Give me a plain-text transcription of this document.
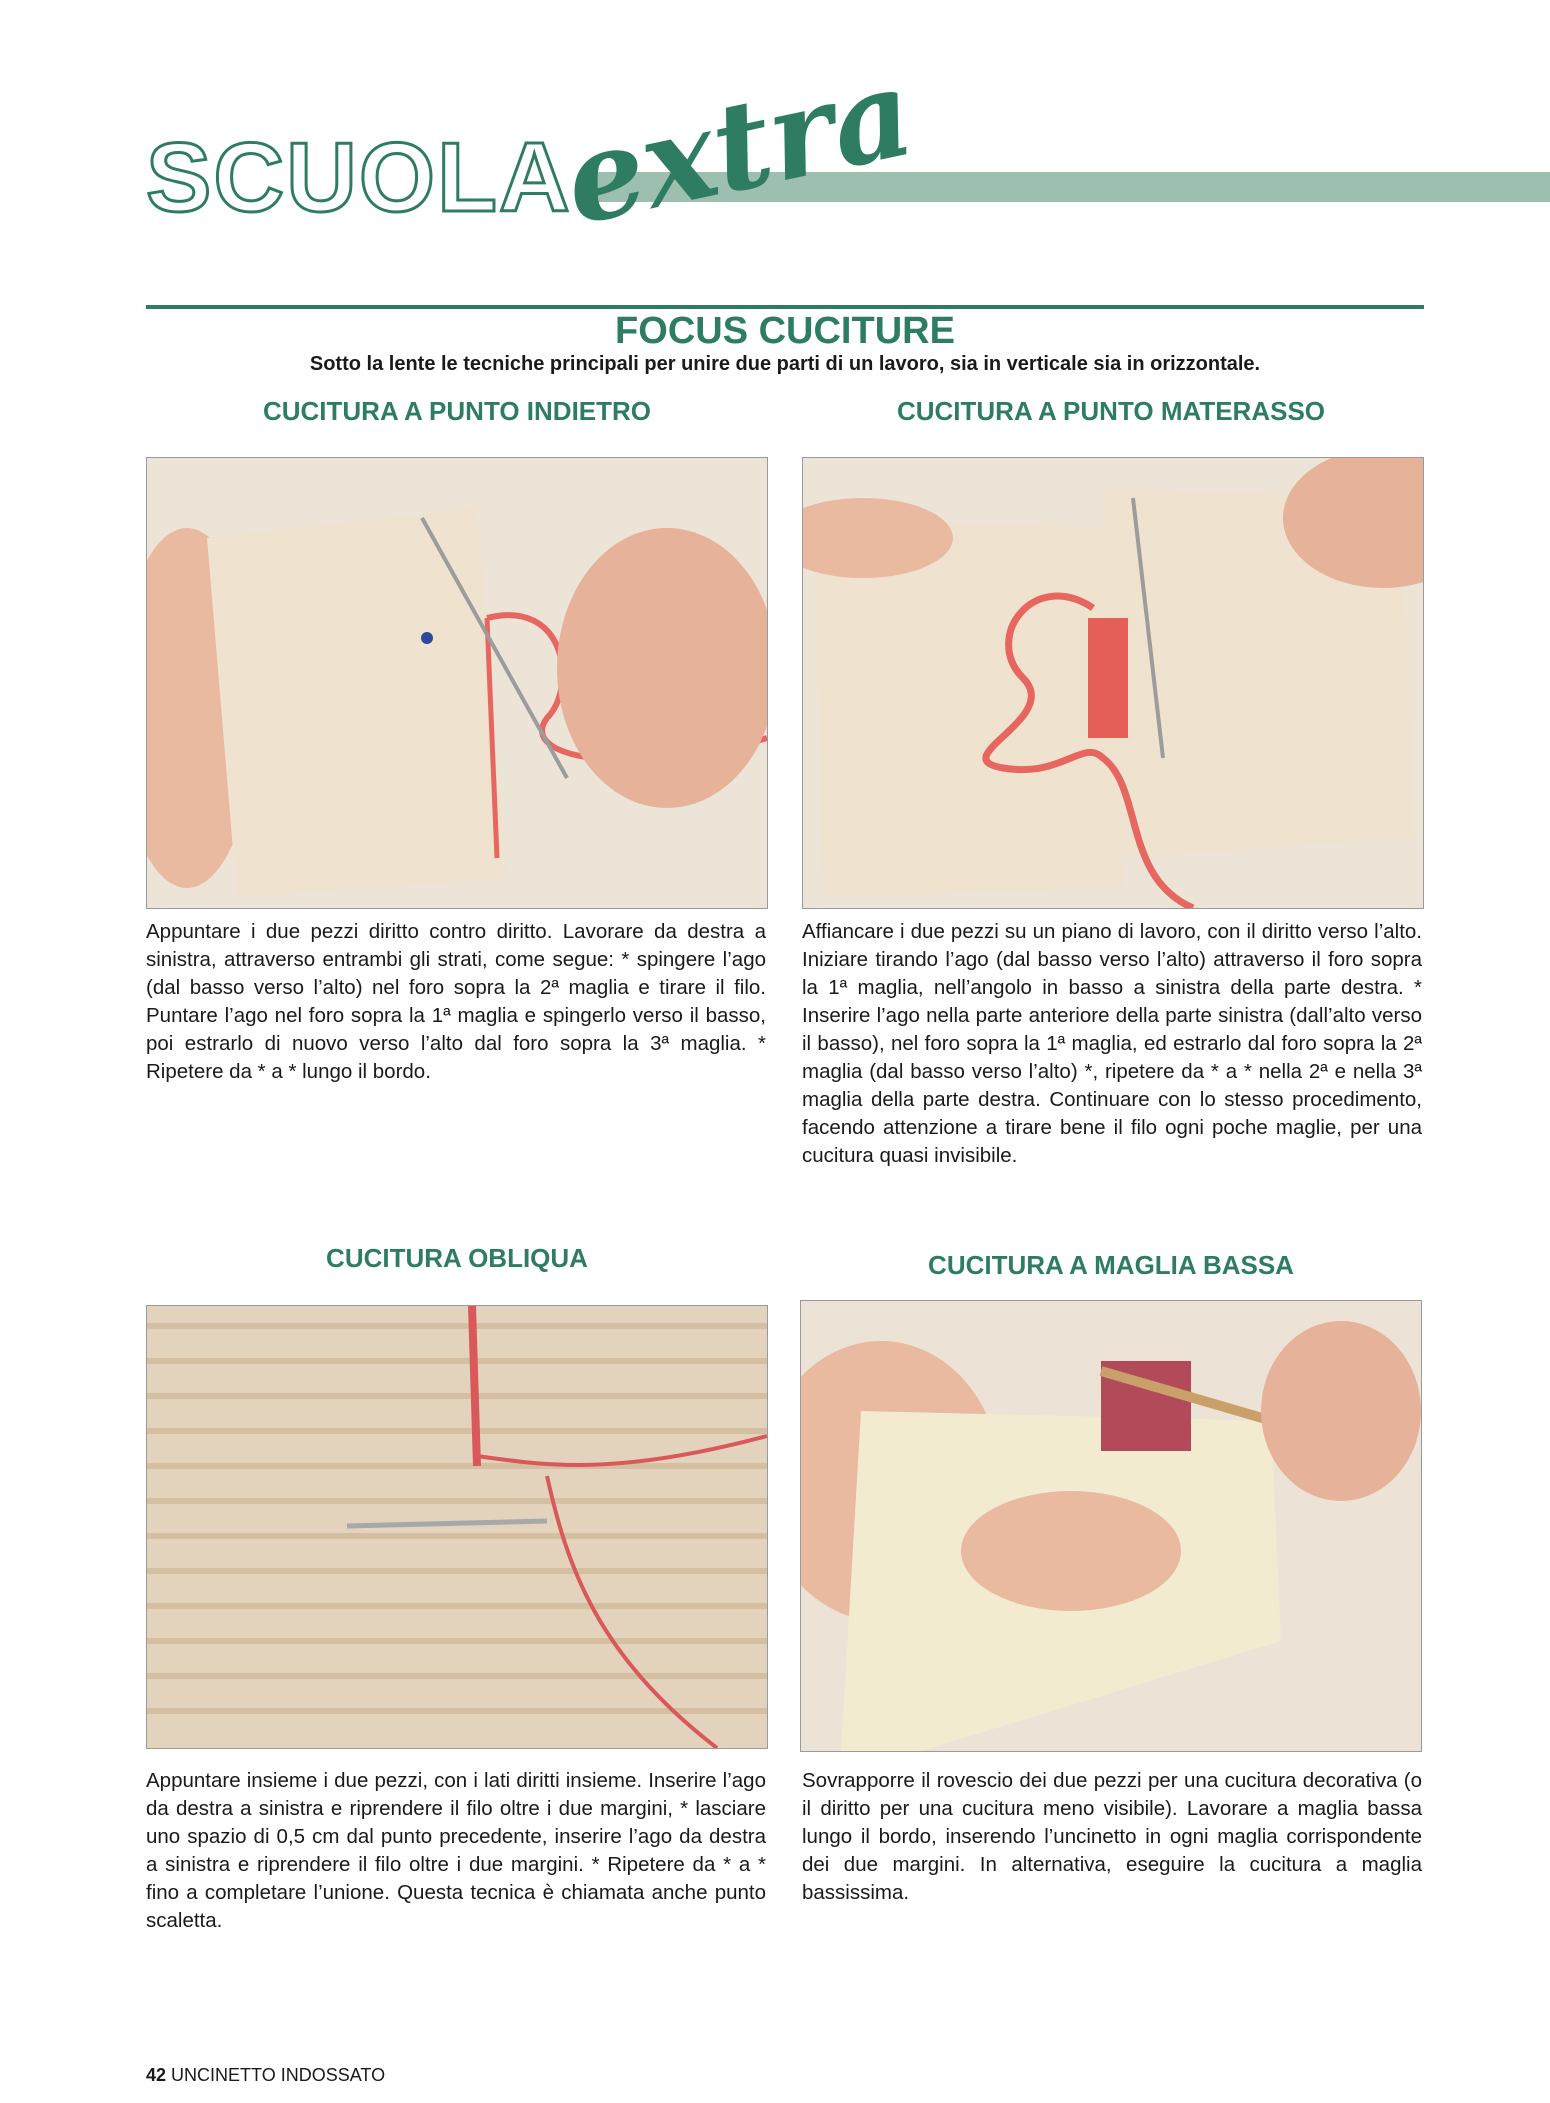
SCUOLA
extra
FOCUS CUCITURE
Sotto la lente le tecniche principali per unire due parti di un lavoro, sia in verticale sia in orizzontale.
CUCITURA A PUNTO INDIETRO

Appuntare i due pezzi diritto contro diritto. Lavorare da destra a sinistra, attraverso entrambi gli strati, come segue: * spingere l’ago (dal basso verso l’alto) nel foro sopra la 2ª maglia e tirare il filo. Puntare l’ago nel foro sopra la 1ª maglia e spingerlo verso il basso, poi estrarlo di nuovo verso l’alto dal foro sopra la 3ª maglia. * Ripetere da * a * lungo il bordo.

CUCITURA A PUNTO MATERASSO

Affiancare i due pezzi su un piano di lavoro, con il diritto verso l’alto. Iniziare tirando l’ago (dal basso verso l’alto) attraverso il foro sopra la 1ª maglia, nell’angolo in basso a sinistra della parte destra. * Inserire l’ago nella parte anteriore della parte sinistra (dall’alto verso il basso), nel foro sopra la 1ª maglia, ed estrarlo dal foro sopra la 2ª maglia (dal basso verso l’alto) *, ripetere da * a * nella 2ª e nella 3ª maglia della parte destra. Continuare con lo stesso procedimento, facendo attenzione a tirare bene il filo ogni poche maglie, per una cucitura quasi invisibile.

CUCITURA OBLIQUA

Appuntare insieme i due pezzi, con i lati diritti insieme. Inserire l’ago da destra a sinistra e riprendere il filo oltre i due margini, * lasciare uno spazio di 0,5 cm dal punto precedente, inserire l’ago da destra a sinistra e riprendere il filo oltre i due margini. * Ripetere da * a * fino a completare l’unione. Questa tecnica è chiamata anche punto scaletta.

CUCITURA A MAGLIA BASSA

Sovrapporre il rovescio dei due pezzi per una cucitura decorativa (o il diritto per una cucitura meno visibile). Lavorare a maglia bassa lungo il bordo, inserendo l’uncinetto in ogni maglia corrispondente dei due margini. In alternativa, eseguire la cucitura a maglia bassissima.

42 UNCINETTO INDOSSATO
